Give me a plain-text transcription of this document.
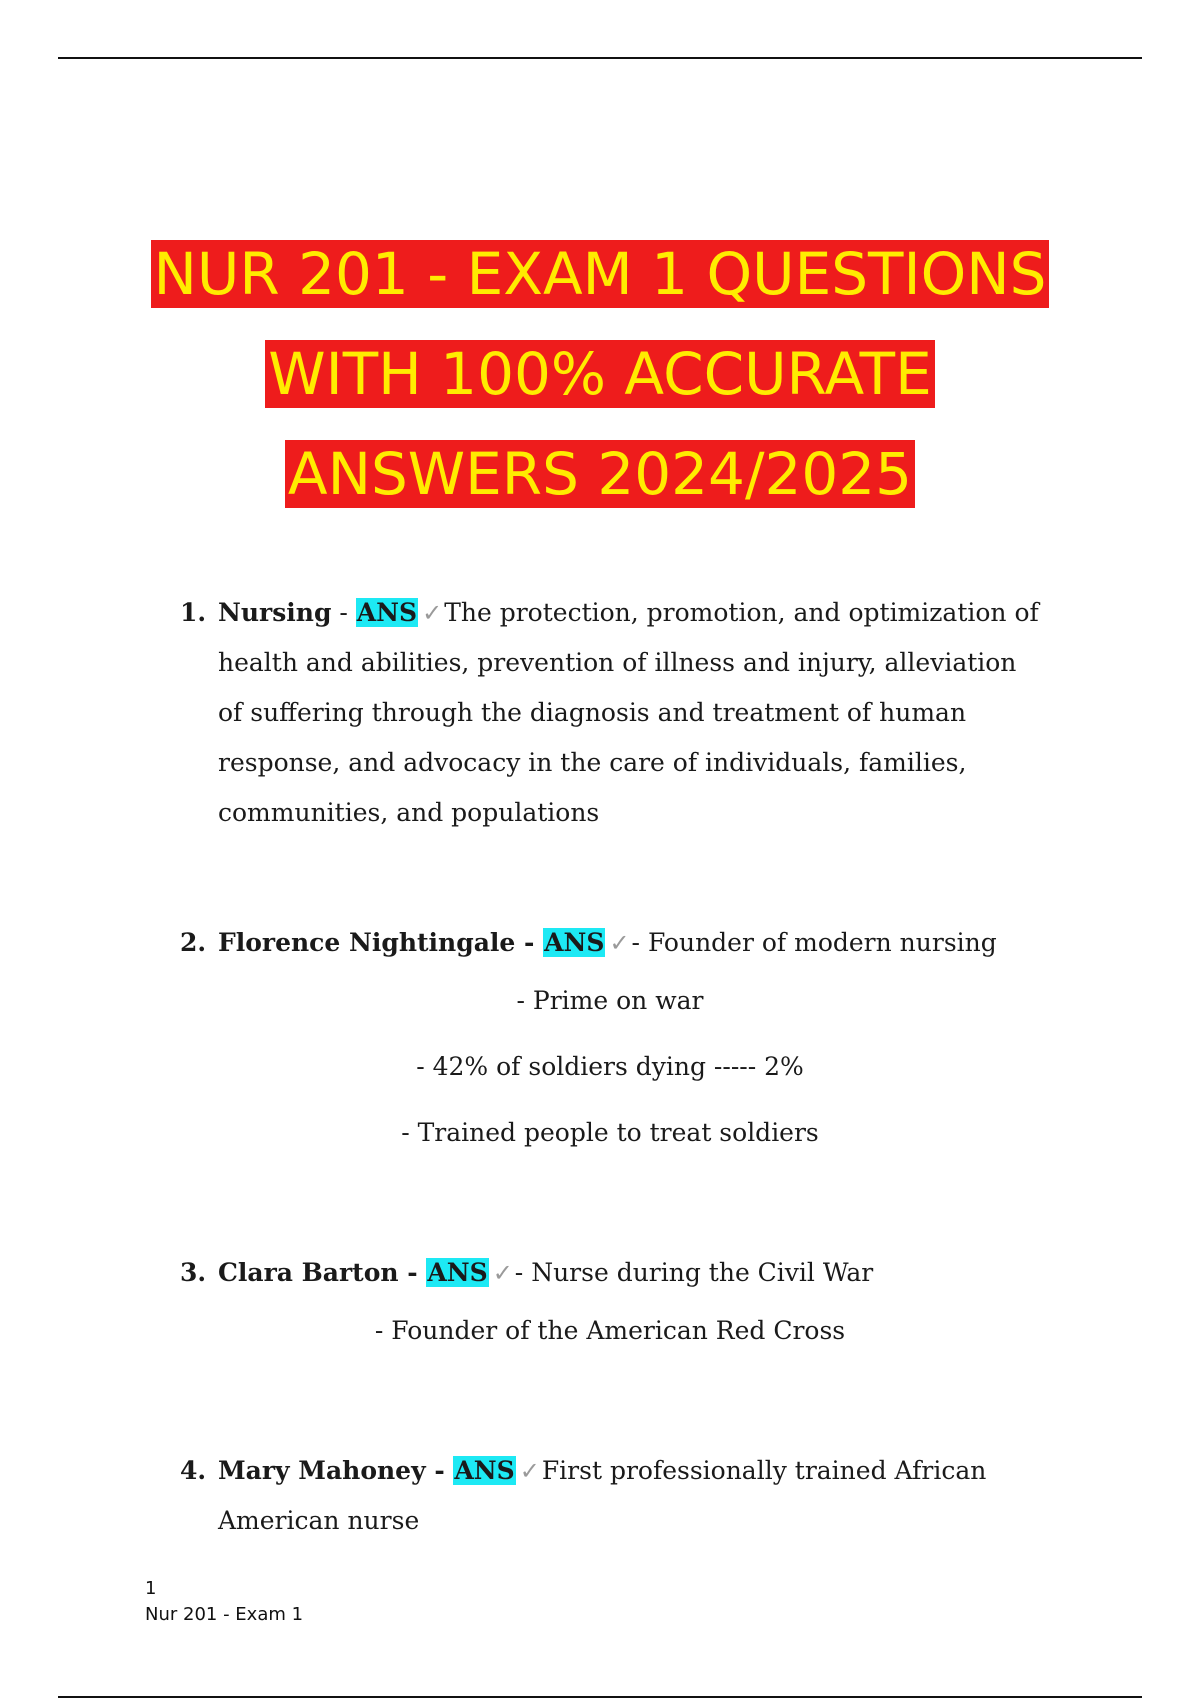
NUR 201 - EXAM 1 QUESTIONS
WITH 100% ACCURATE
ANSWERS 2024/2025
1. Nursing - ANS ✓The protection, promotion, and optimization of health and abilities, prevention of illness and injury, alleviation of suffering through the diagnosis and treatment of human response, and advocacy in the care of individuals, families, communities, and populations
2. Florence Nightingale - ANS ✓- Founder of modern nursing
- Prime on war
- 42% of soldiers dying ----- 2%
- Trained people to treat soldiers
3. Clara Barton - ANS ✓- Nurse during the Civil War
- Founder of the American Red Cross
4. Mary Mahoney - ANS ✓First professionally trained African American nurse
1
Nur 201 - Exam 1
